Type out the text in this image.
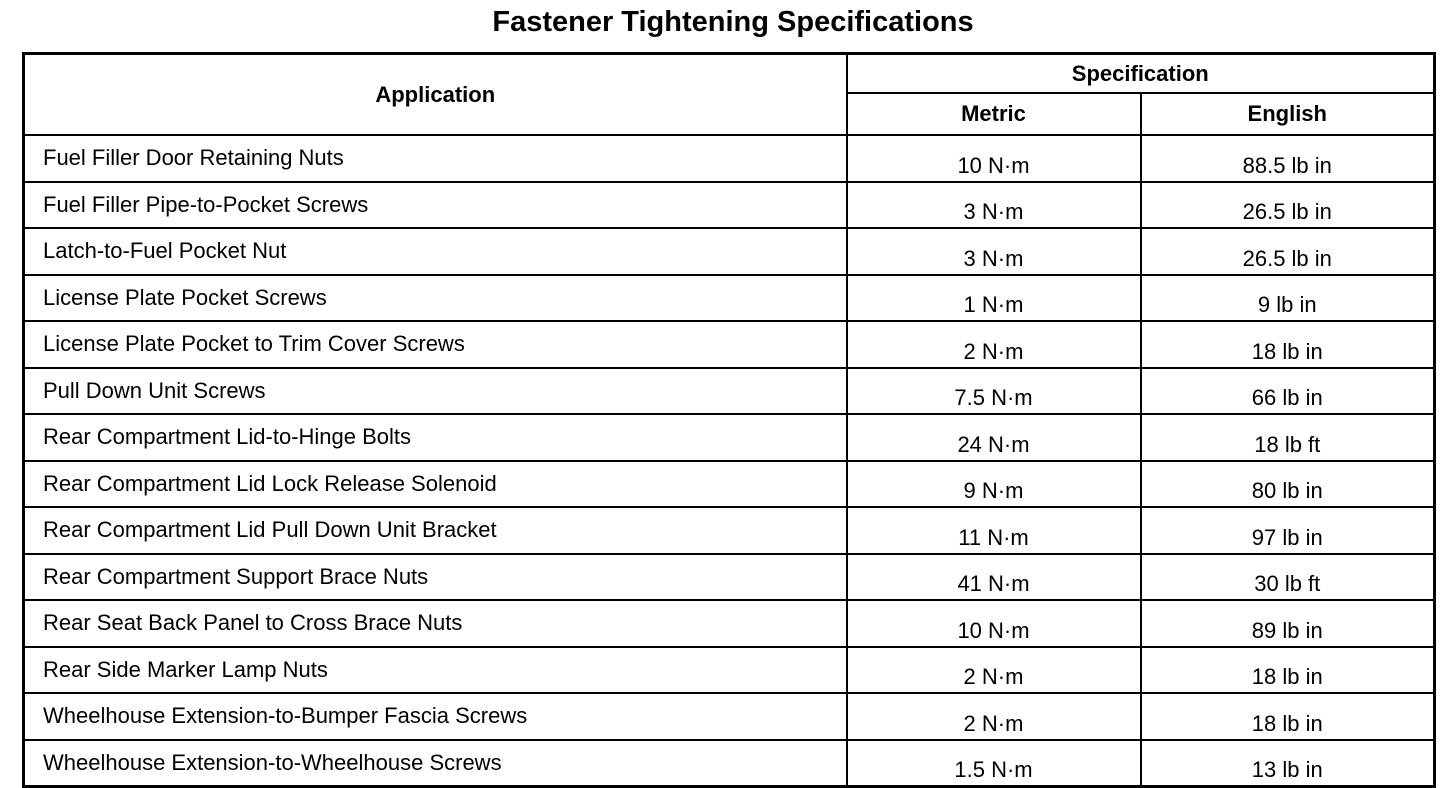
Fastener Tightening Specifications
Application	Specification	
	Metric	English
Fuel Filler Door Retaining Nuts	10 N·m	88.5 lb in
Fuel Filler Pipe-to-Pocket Screws	3 N·m	26.5 lb in
Latch-to-Fuel Pocket Nut	3 N·m	26.5 lb in
License Plate Pocket Screws	1 N·m	9 lb in
License Plate Pocket to Trim Cover Screws	2 N·m	18 lb in
Pull Down Unit Screws	7.5 N·m	66 lb in
Rear Compartment Lid-to-Hinge Bolts	24 N·m	18 lb ft
Rear Compartment Lid Lock Release Solenoid	9 N·m	80 lb in
Rear Compartment Lid Pull Down Unit Bracket	11 N·m	97 lb in
Rear Compartment Support Brace Nuts	41 N·m	30 lb ft
Rear Seat Back Panel to Cross Brace Nuts	10 N·m	89 lb in
Rear Side Marker Lamp Nuts	2 N·m	18 lb in
Wheelhouse Extension-to-Bumper Fascia Screws	2 N·m	18 lb in
Wheelhouse Extension-to-Wheelhouse Screws	1.5 N·m	13 lb in
